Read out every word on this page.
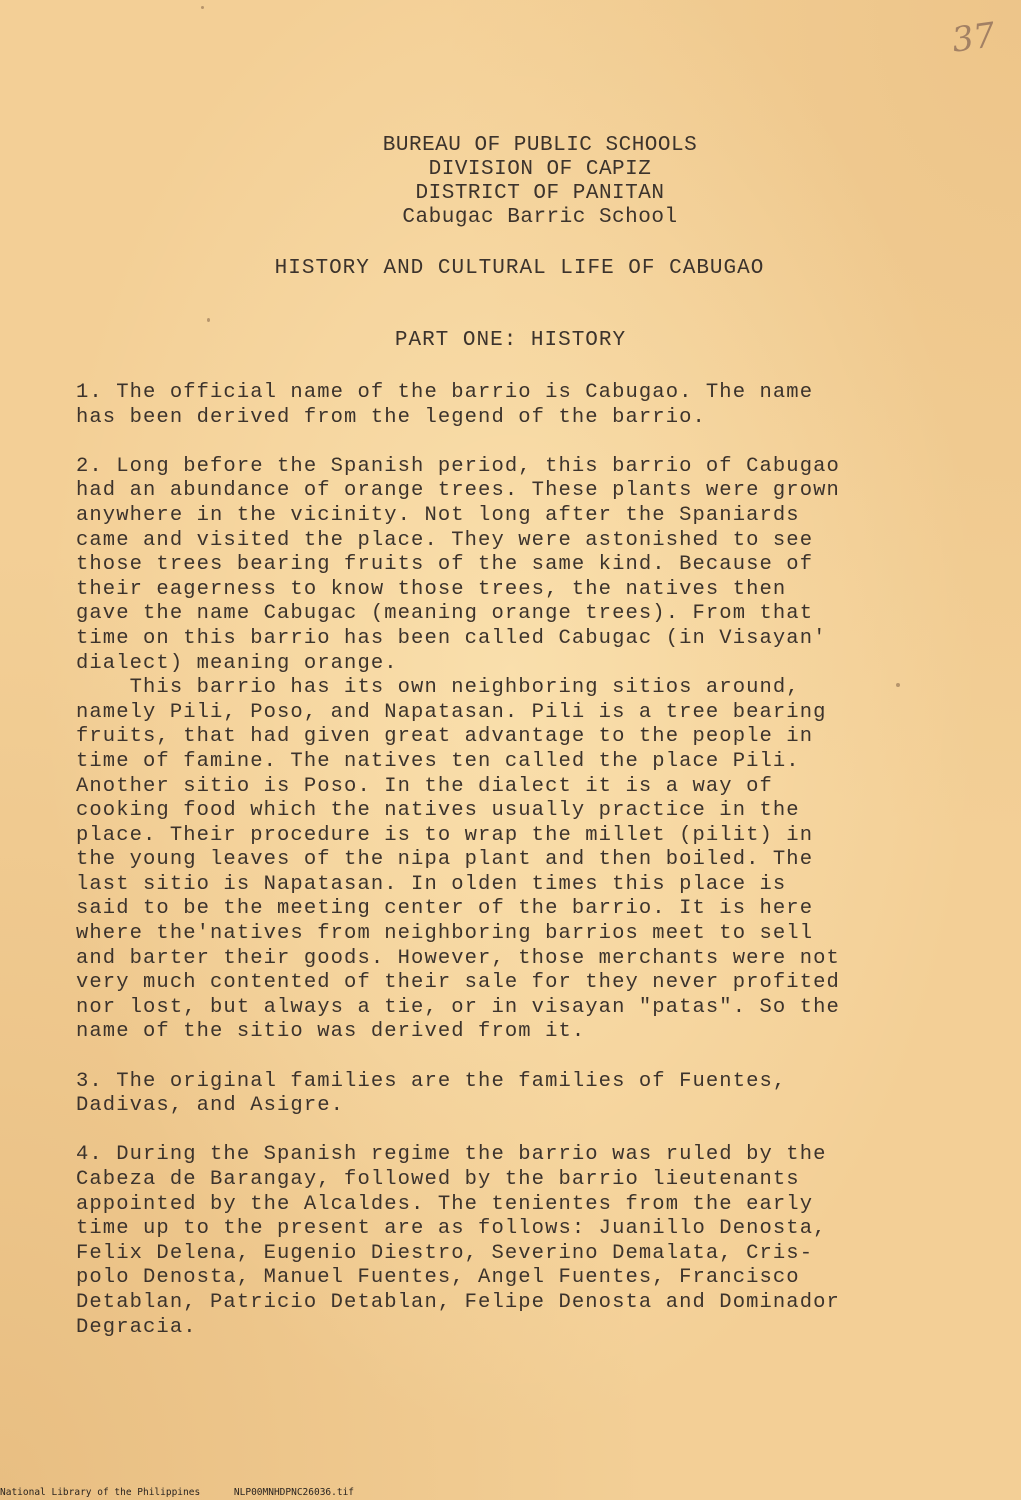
37
BUREAU OF PUBLIC SCHOOLS
DIVISION OF CAPIZ
DISTRICT OF PANITAN
Cabugac Barric School
HISTORY AND CULTURAL LIFE OF CABUGAO
PART ONE: HISTORY
1. The official name of the barrio is Cabugao. The name
has been derived from the legend of the barrio.
2. Long before the Spanish period, this barrio of Cabugao
had an abundance of orange trees. These plants were grown
anywhere in the vicinity. Not long after the Spaniards
came and visited the place. They were astonished to see
those trees bearing fruits of the same kind. Because of
their eagerness to know those trees, the natives then
gave the name Cabugac (meaning orange trees). From that
time on this barrio has been called Cabugac (in Visayan'
dialect) meaning orange.
This barrio has its own neighboring sitios around,
namely Pili, Poso, and Napatasan. Pili is a tree bearing
fruits, that had given great advantage to the people in
time of famine. The natives ten called the place Pili.
Another sitio is Poso. In the dialect it is a way of
cooking food which the natives usually practice in the
place. Their procedure is to wrap the millet (pilit) in
the young leaves of the nipa plant and then boiled. The
last sitio is Napatasan. In olden times this place is
said to be the meeting center of the barrio. It is here
where the'natives from neighboring barrios meet to sell
and barter their goods. However, those merchants were not
very much contented of their sale for they never profited
nor lost, but always a tie, or in visayan "patas". So the
name of the sitio was derived from it.
3. The original families are the families of Fuentes,
Dadivas, and Asigre.
4. During the Spanish regime the barrio was ruled by the
Cabeza de Barangay, followed by the barrio lieutenants
appointed by the Alcaldes. The tenientes from the early
time up to the present are as follows: Juanillo Denosta,
Felix Delena, Eugenio Diestro, Severino Demalata, Cris-
polo Denosta, Manuel Fuentes, Angel Fuentes, Francisco
Detablan, Patricio Detablan, Felipe Denosta and Dominador
Degracia.
National Library of the Philippines	NLP00MNHDPNC26036.tif
